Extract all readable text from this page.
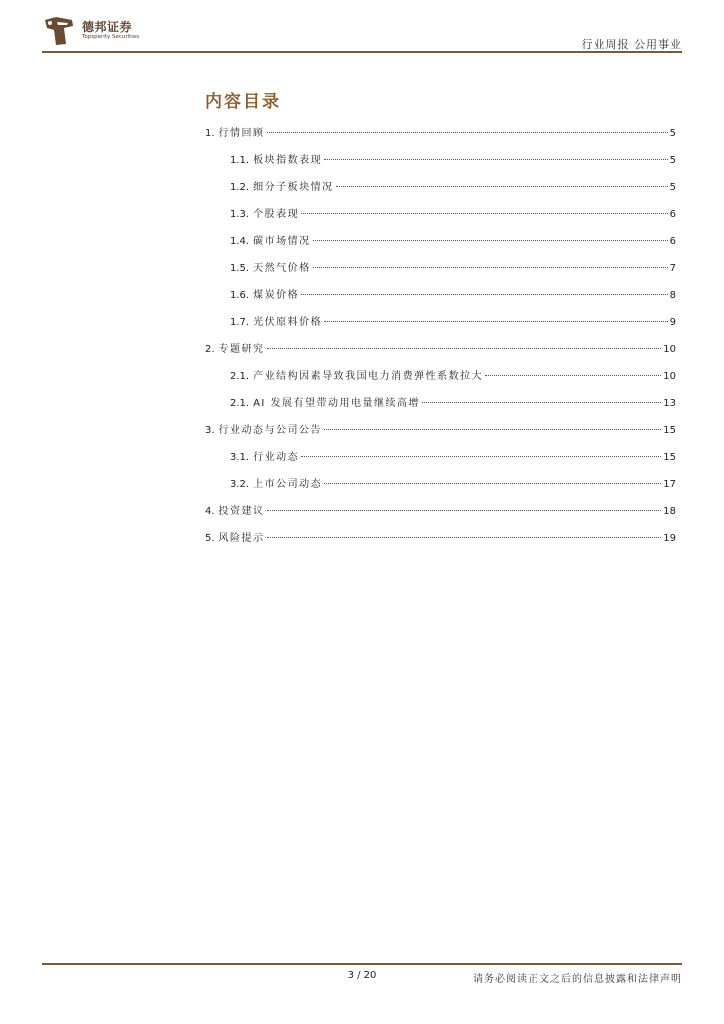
德邦证券
Topsperity Securities
行业周报 公用事业
内容目录
1. 行情回顾	5
1.1. 板块指数表现	5
1.2. 细分子板块情况	5
1.3. 个股表现	6
1.4. 碳市场情况	6
1.5. 天然气价格	7
1.6. 煤炭价格	8
1.7. 光伏原料价格	9
2. 专题研究	10
2.1. 产业结构因素导致我国电力消费弹性系数拉大	10
2.1. AI 发展有望带动用电量继续高增	13
3. 行业动态与公司公告	15
3.1. 行业动态	15
3.2. 上市公司动态	17
4. 投资建议	18
5. 风险提示	19
3 / 20	请务必阅读正文之后的信息披露和法律声明
